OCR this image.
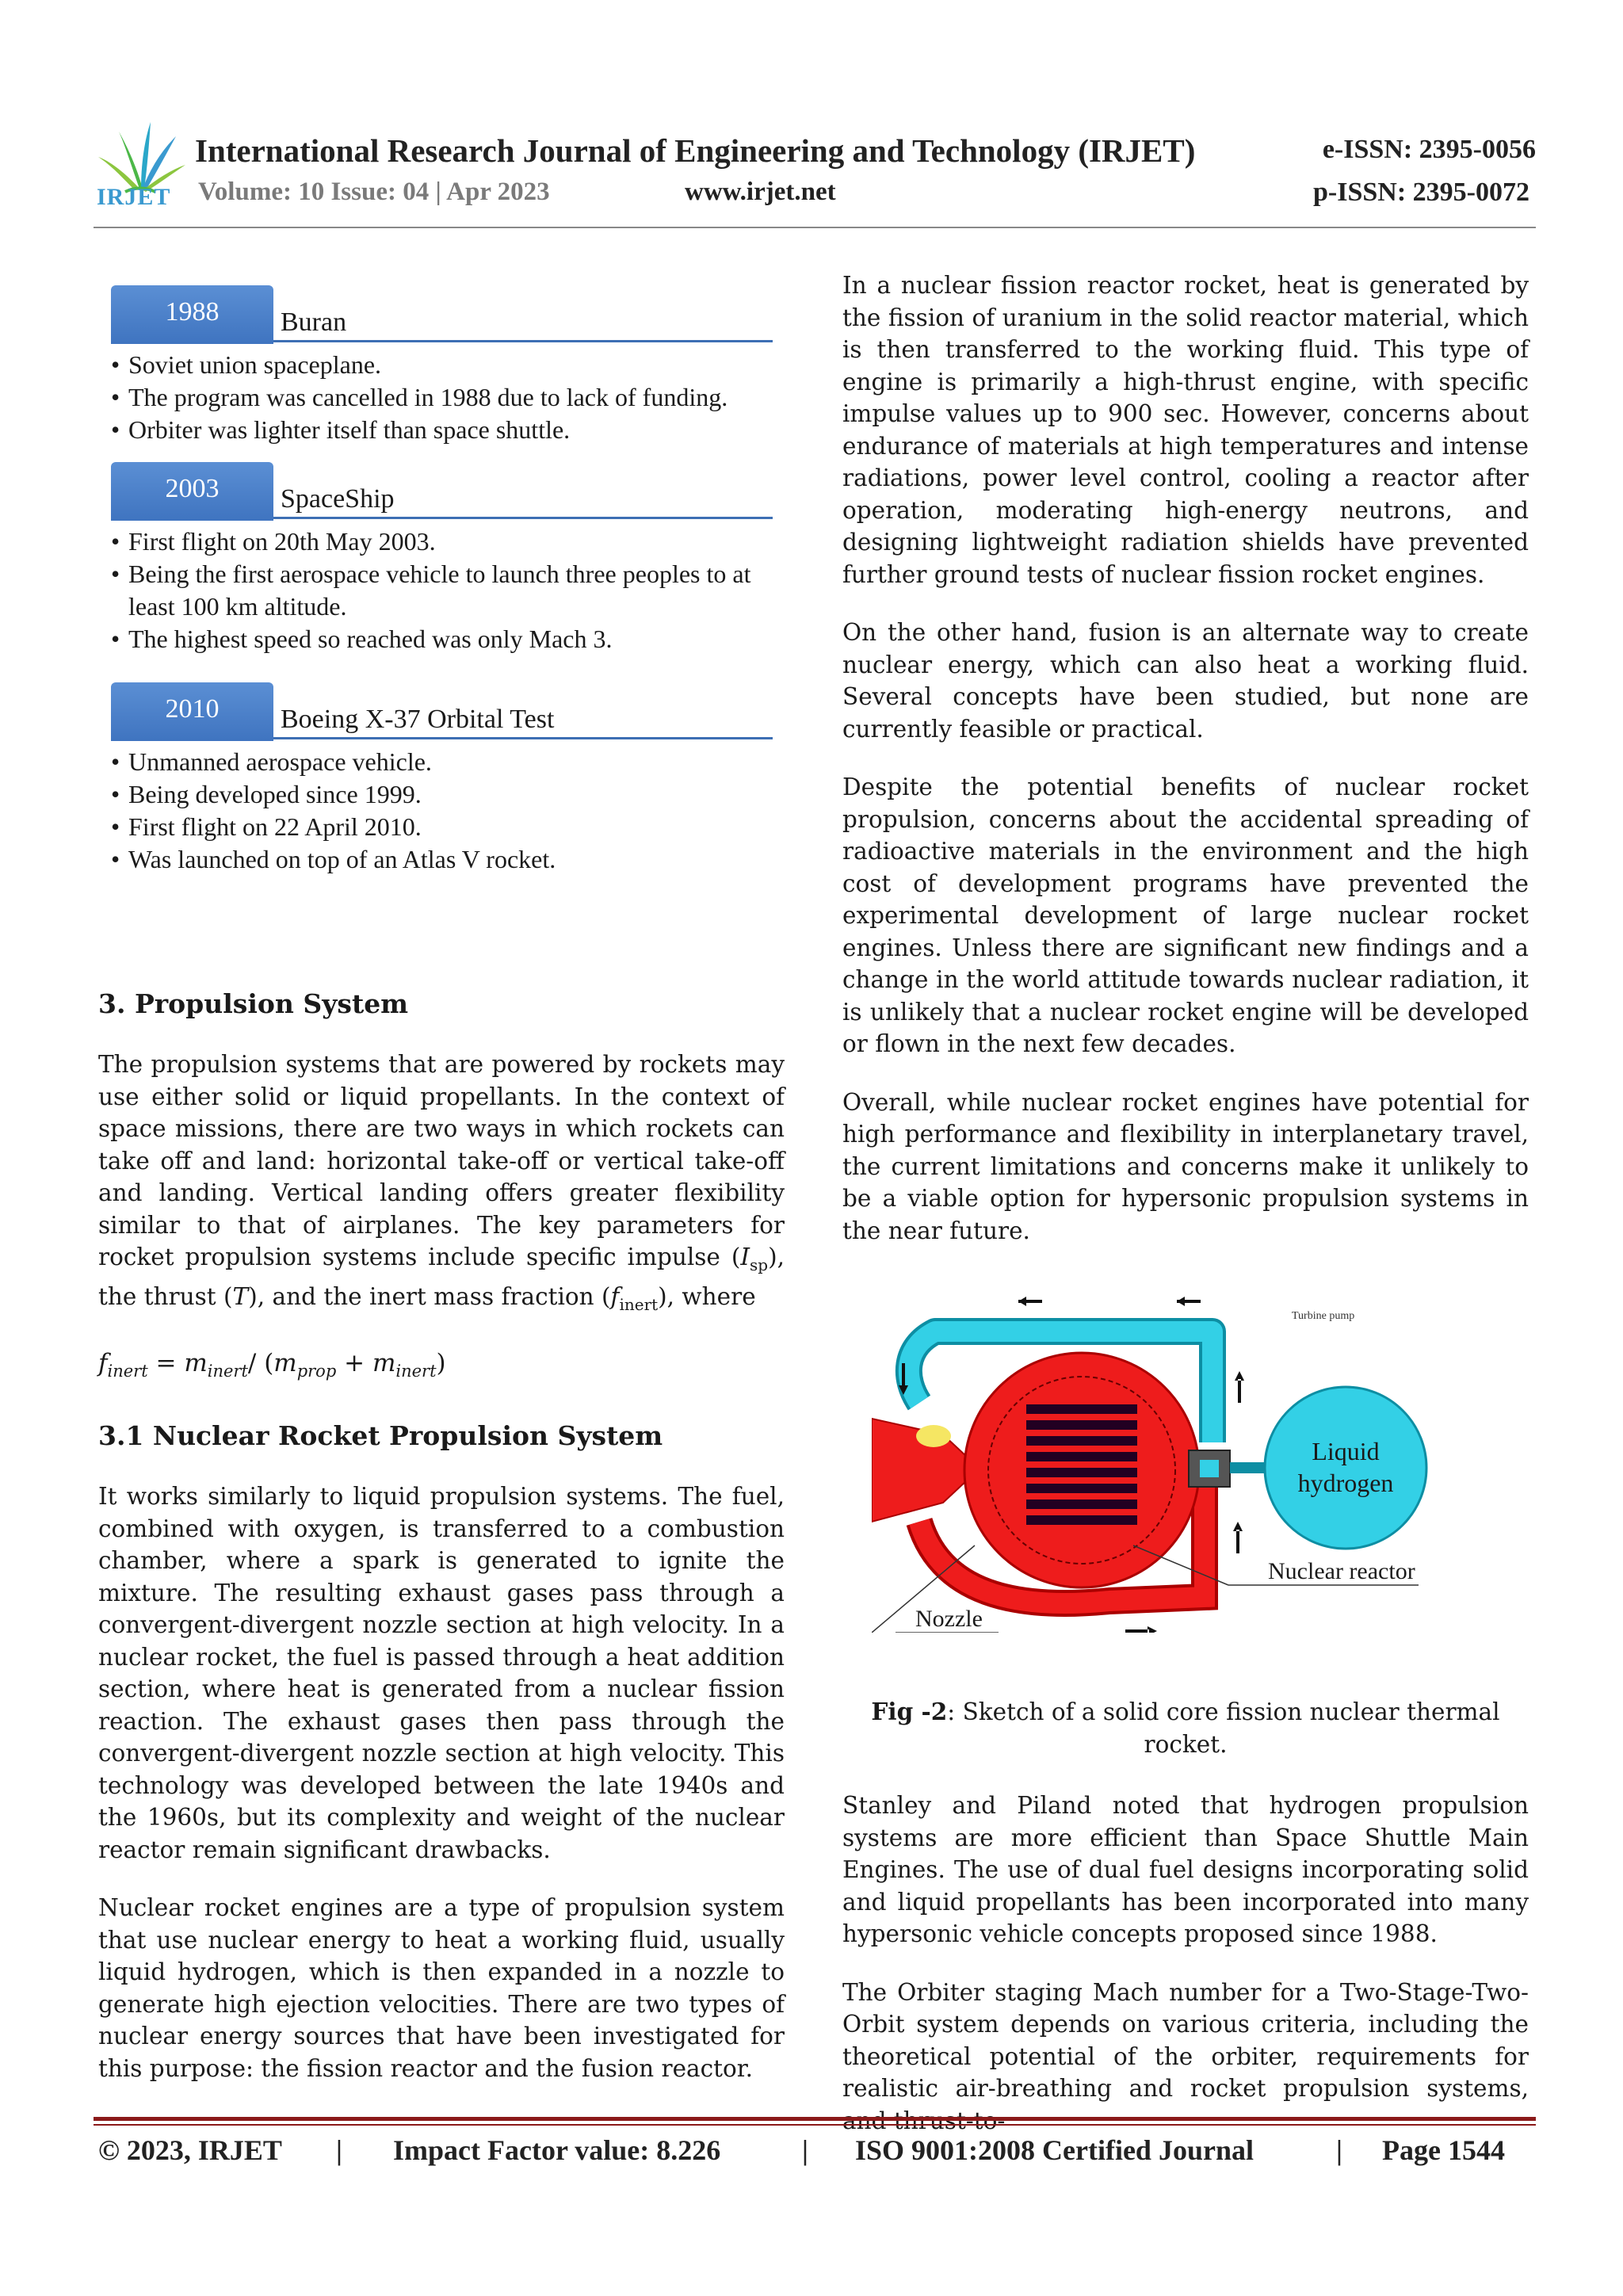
IRJET
International Research Journal of Engineering and Technology (IRJET)	e-ISSN: 2395-0056
Volume: 10 Issue: 04 | Apr 2023	www.irjet.net	p-ISSN: 2395-0072
1988 Buran
• Soviet union spaceplane.
• The program was cancelled in 1988 due to lack of funding.
• Orbiter was lighter itself than space shuttle.
2003 SpaceShip
• First flight on 20th May 2003.
• Being the first aerospace vehicle to launch three peoples to at least 100 km altitude.
• The highest speed so reached was only Mach 3.
2010 Boeing X-37 Orbital Test
• Unmanned aerospace vehicle.
• Being developed since 1999.
• First flight on 22 April 2010.
• Was launched on top of an Atlas V rocket.
3. Propulsion System

The propulsion systems that are powered by rockets may use either solid or liquid propellants. In the context of space missions, there are two ways in which rockets can take off and land: horizontal take-off or vertical take-off and landing. Vertical landing offers greater flexibility similar to that of airplanes. The key parameters for rocket propulsion systems include specific impulse $(I_{sp})$, the thrust (T), and the inert mass fraction $(f_{inert})$, where

$f_{inert} = m_{inert}/$ $(m_{prop} + m_{inert})$
3.1 Nuclear Rocket Propulsion System

It works similarly to liquid propulsion systems. The fuel, combined with oxygen, is transferred to a combustion chamber, where a spark is generated to ignite the mixture. The resulting exhaust gases pass through a convergent-divergent nozzle section at high velocity. In a nuclear rocket, the fuel is passed through a heat addition section, where heat is generated from a nuclear fission reaction. The exhaust gases then pass through the convergent-divergent nozzle section at high velocity. This technology was developed between the late 1940s and the 1960s, but its complexity and weight of the nuclear reactor remain significant drawbacks.

Nuclear rocket engines are a type of propulsion system that use nuclear energy to heat a working fluid, usually liquid hydrogen, which is then expanded in a nozzle to generate high ejection velocities. There are two types of nuclear energy sources that have been investigated for this purpose: the fission reactor and the fusion reactor.

In a nuclear fission reactor rocket, heat is generated by the fission of uranium in the solid reactor material, which is then transferred to the working fluid. This type of engine is primarily a high-thrust engine, with specific impulse values up to 900 sec. However, concerns about endurance of materials at high temperatures and intense radiations, power level control, cooling a reactor after operation, moderating high-energy neutrons, and designing lightweight radiation shields have prevented further ground tests of nuclear fission rocket engines.

On the other hand, fusion is an alternate way to create nuclear energy, which can also heat a working fluid. Several concepts have been studied, but none are currently feasible or practical.

Despite the potential benefits of nuclear rocket propulsion, concerns about the accidental spreading of radioactive materials in the environment and the high cost of development programs have prevented the experimental development of large nuclear rocket engines. Unless there are significant new findings and a change in the world attitude towards nuclear radiation, it is unlikely that a nuclear rocket engine will be developed or flown in the next few decades.

Overall, while nuclear rocket engines have potential for high performance and flexibility in interplanetary travel, the current limitations and concerns make it unlikely to be a viable option for hypersonic propulsion systems in the near future.

Turbine pump
Liquid
hydrogen
Nozzle
Nuclear reactor
Fig -2: Sketch of a solid core fission nuclear thermal rocket.

Stanley and Piland noted that hydrogen propulsion systems are more efficient than Space Shuttle Main Engines. The use of dual fuel designs incorporating solid and liquid propellants has been incorporated into many hypersonic vehicle concepts proposed since 1988.

The Orbiter staging Mach number for a Two-Stage-Two-Orbit system depends on various criteria, including the theoretical potential of the orbiter, requirements for realistic air-breathing and rocket propulsion systems,

© 2023, IRJET | Impact Factor value: 8.226	| ISO 9001:2008 Certified Journal	| Page 1544
